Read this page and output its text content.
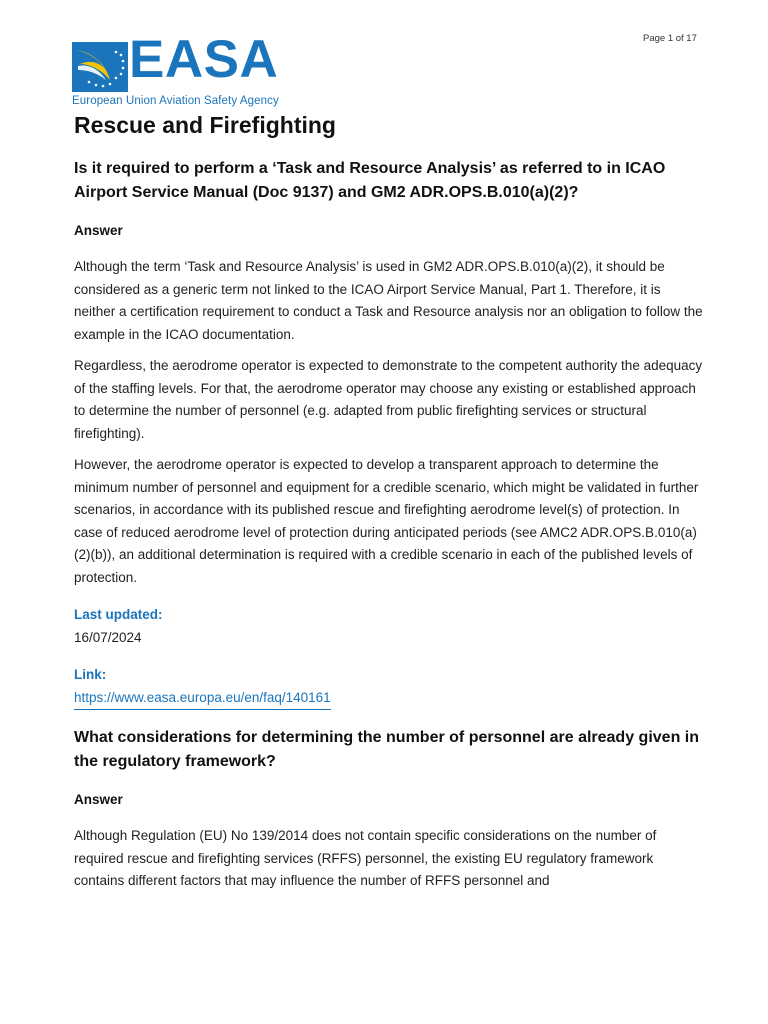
Page 1 of 17
EASA
European Union Aviation Safety Agency
Rescue and Firefighting
Is it required to perform a ‘Task and Resource Analysis’ as referred to in ICAO Airport Service Manual (Doc 9137) and GM2 ADR.OPS.B.010(a)(2)?
Answer

Although the term ‘Task and Resource Analysis’ is used in GM2 ADR.OPS.B.010(a)(2), it should be considered as a generic term not linked to the ICAO Airport Service Manual, Part 1. Therefore, it is neither a certification requirement to conduct a Task and Resource analysis nor an obligation to follow the example in the ICAO documentation.

Regardless, the aerodrome operator is expected to demonstrate to the competent authority the adequacy of the staffing levels. For that, the aerodrome operator may choose any existing or established approach to determine the number of personnel (e.g. adapted from public firefighting services or structural firefighting).

However, the aerodrome operator is expected to develop a transparent approach to determine the minimum number of personnel and equipment for a credible scenario, which might be validated in further scenarios, in accordance with its published rescue and firefighting aerodrome level(s) of protection. In case of reduced aerodrome level of protection during anticipated periods (see AMC2 ADR.OPS.B.010(a)(2)(b)), an additional determination is required with a credible scenario in each of the published levels of protection.

Last updated:
16/07/2024
Link:
https://www.easa.europa.eu/en/faq/140161
What considerations for determining the number of personnel are already given in the regulatory framework?
Answer

Although Regulation (EU) No 139/2014 does not contain specific considerations on the number of required rescue and firefighting services (RFFS) personnel, the existing EU regulatory framework contains different factors that may influence the number of RFFS personnel and
